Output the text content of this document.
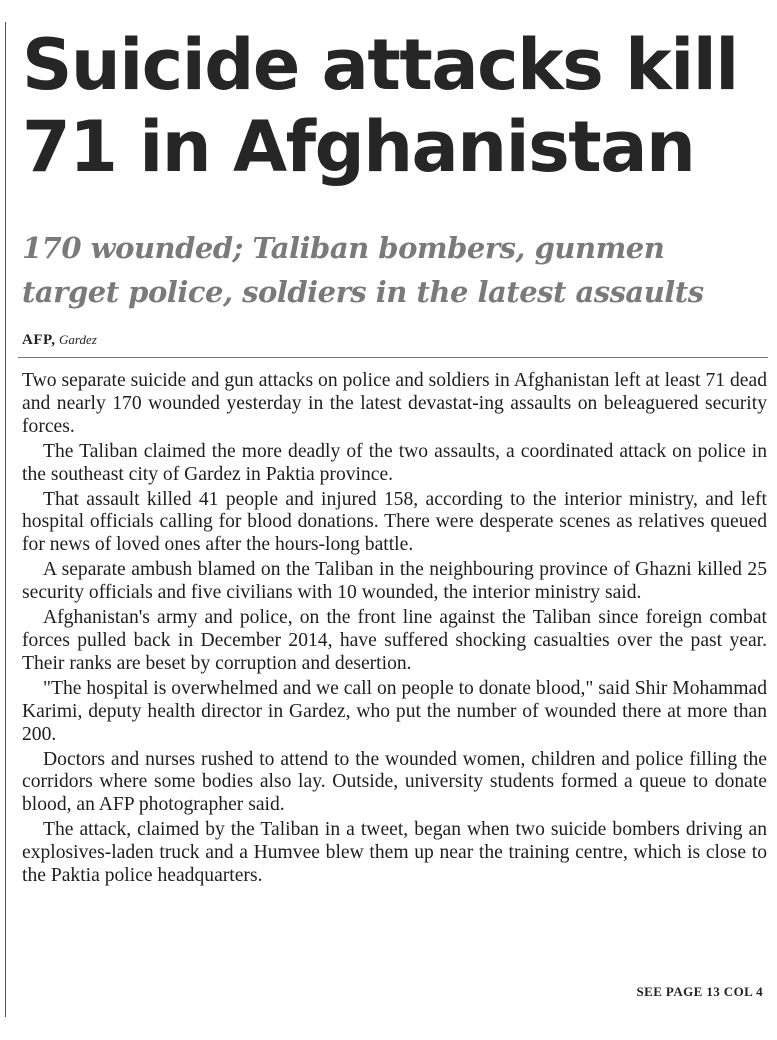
Suicide attacks kill
71 in Afghanistan
170 wounded; Taliban bombers, gunmen
target police, soldiers in the latest assaults
AFP, Gardez

Two separate suicide and gun attacks on police and soldiers in Afghanistan left at least 71 dead and nearly 170 wounded yesterday in the latest devastat-ing assaults on beleaguered security forces.

The Taliban claimed the more deadly of the two assaults, a coordinated attack on police in the southeast city of Gardez in Paktia province.

That assault killed 41 people and injured 158, according to the interior ministry, and left hospital officials calling for blood donations. There were desperate scenes as relatives queued for news of loved ones after the hours-long battle.

A separate ambush blamed on the Taliban in the neighbouring province of Ghazni killed 25 security officials and five civilians with 10 wounded, the interior ministry said.

Afghanistan's army and police, on the front line against the Taliban since foreign combat forces pulled back in December 2014, have suffered shocking casualties over the past year. Their ranks are beset by corruption and desertion.

"The hospital is overwhelmed and we call on people to donate blood," said Shir Mohammad Karimi, deputy health director in Gardez, who put the number of wounded there at more than 200.

Doctors and nurses rushed to attend to the wounded women, children and police filling the corridors where some bodies also lay. Outside, university students formed a queue to donate blood, an AFP photographer said.

The attack, claimed by the Taliban in a tweet, began when two suicide bombers driving an explosives-laden truck and a Humvee blew them up near the training centre, which is close to the Paktia police headquarters.

SEE PAGE 13 COL 4
